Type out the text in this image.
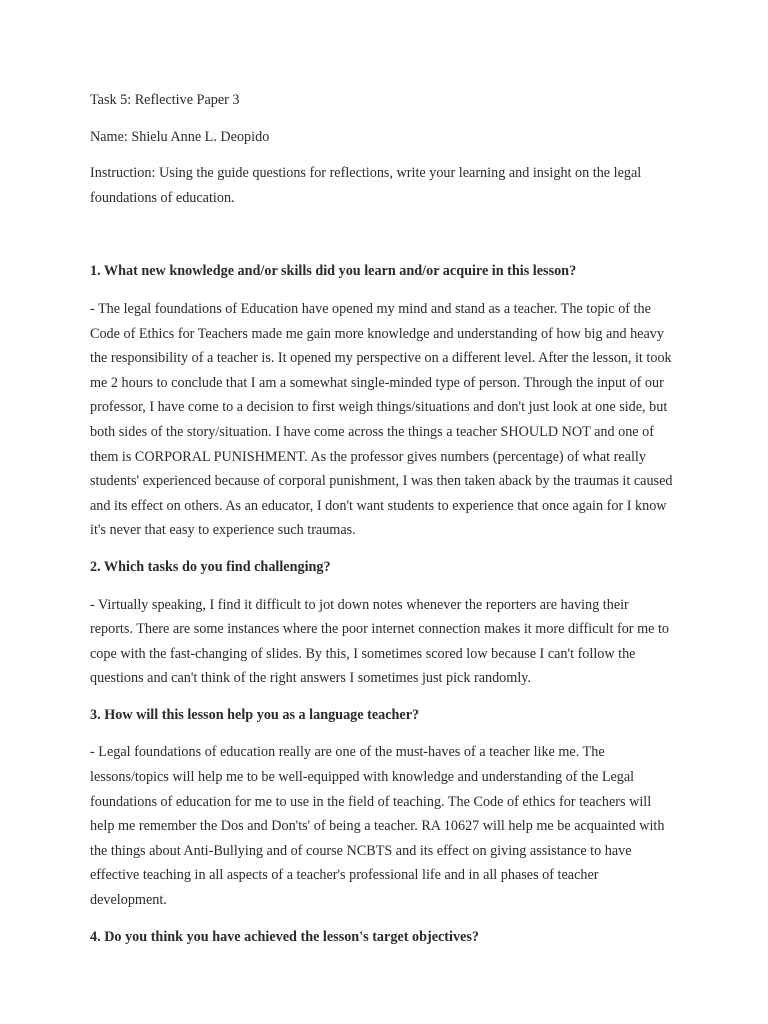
Task 5: Reflective Paper 3

Name: Shielu Anne L. Deopido

Instruction: Using the guide questions for reflections, write your learning and insight on the legal foundations of education.

1. What new knowledge and/or skills did you learn and/or acquire in this lesson?

- The legal foundations of Education have opened my mind and stand as a teacher. The topic of the Code of Ethics for Teachers made me gain more knowledge and understanding of how big and heavy the responsibility of a teacher is. It opened my perspective on a different level. After the lesson, it took me 2 hours to conclude that I am a somewhat single-minded type of person. Through the input of our professor, I have come to a decision to first weigh things/situations and don't just look at one side, but both sides of the story/situation. I have come across the things a teacher SHOULD NOT and one of them is CORPORAL PUNISHMENT. As the professor gives numbers (percentage) of what really students' experienced because of corporal punishment, I was then taken aback by the traumas it caused and its effect on others. As an educator, I don't want students to experience that once again for I know it's never that easy to experience such traumas.

2. Which tasks do you find challenging?

- Virtually speaking, I find it difficult to jot down notes whenever the reporters are having their reports. There are some instances where the poor internet connection makes it more difficult for me to cope with the fast-changing of slides. By this, I sometimes scored low because I can't follow the questions and can't think of the right answers I sometimes just pick randomly.

3. How will this lesson help you as a language teacher?

- Legal foundations of education really are one of the must-haves of a teacher like me. The lessons/topics will help me to be well-equipped with knowledge and understanding of the Legal foundations of education for me to use in the field of teaching. The Code of ethics for teachers will help me remember the Dos and Don'ts' of being a teacher. RA 10627 will help me be acquainted with the things about Anti-Bullying and of course NCBTS and its effect on giving assistance to have effective teaching in all aspects of a teacher's professional life and in all phases of teacher development.

4. Do you think you have achieved the lesson's target objectives?
